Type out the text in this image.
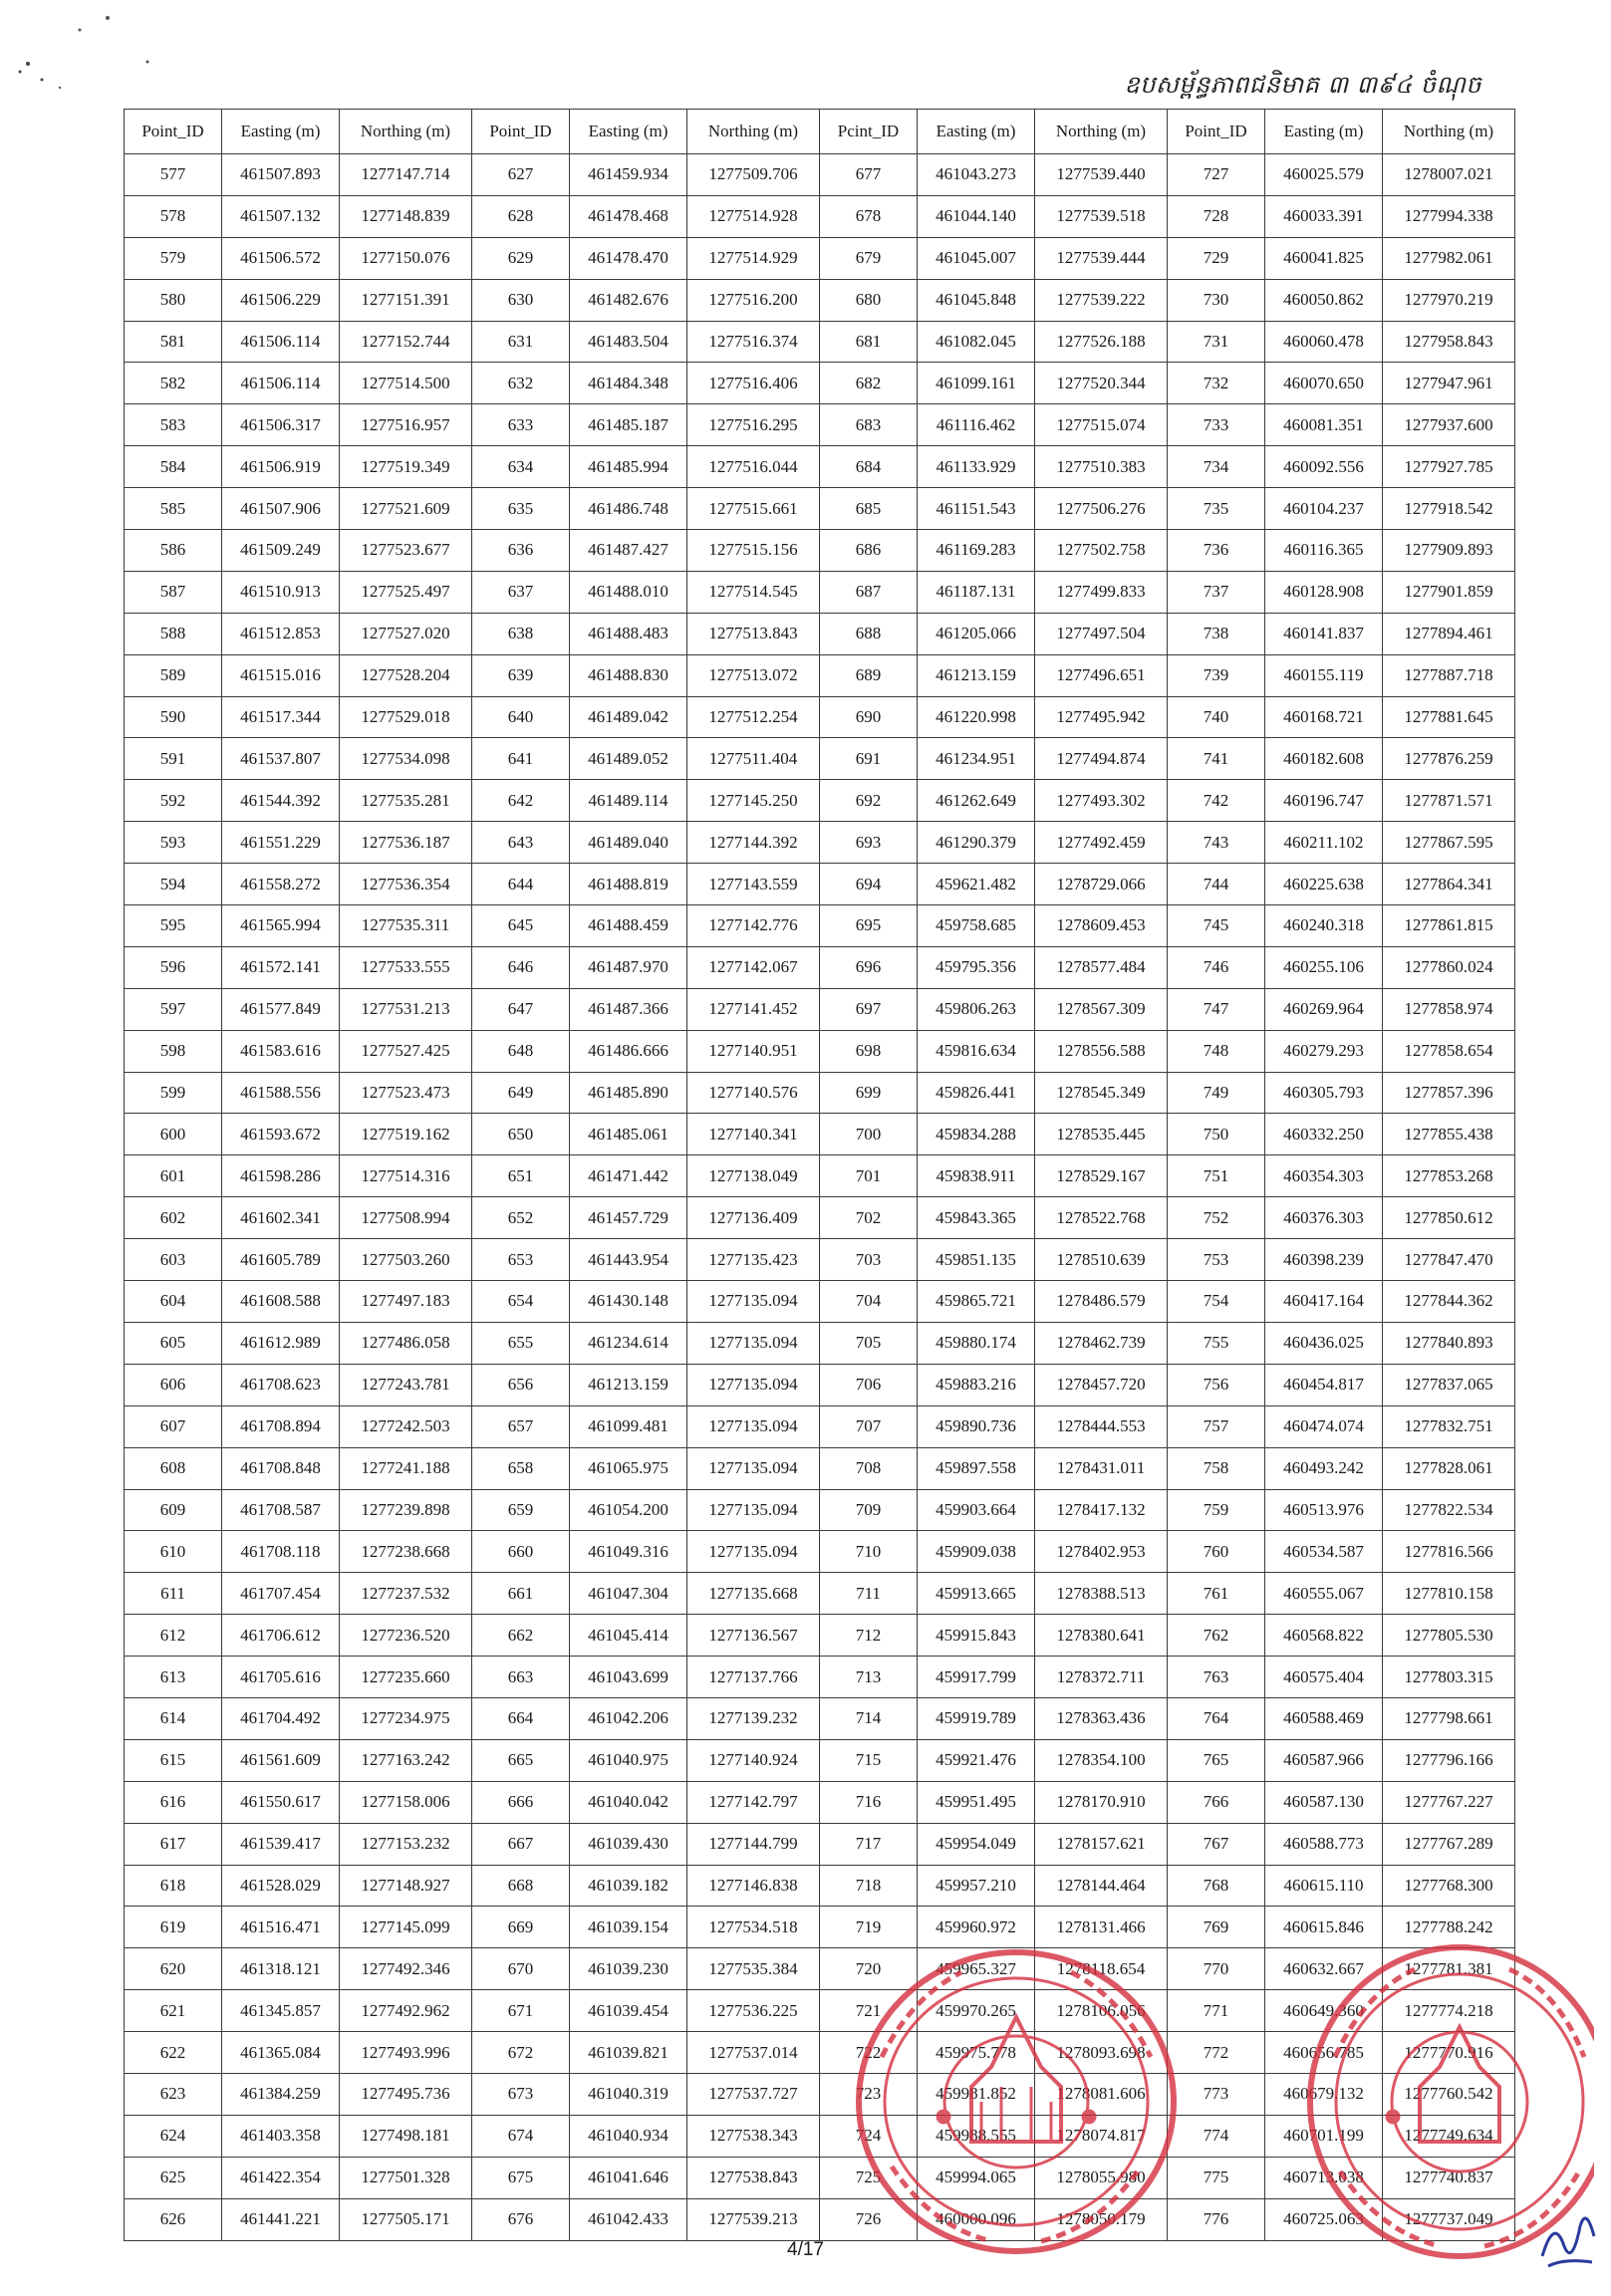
ឧបសម្ព័ន្ធភាពជនិមាគ ៣ ៣៩៤ ចំណុច
Point_ID	Easting (m)	Northing (m)	Point_ID	Easting (m)	Northing (m)	Pcint_ID	Easting (m)	Northing (m)	Point_ID	Easting (m)	Northing (m)
577	461507.893	1277147.714	627	461459.934	1277509.706	677	461043.273	1277539.440	727	460025.579	1278007.021
578	461507.132	1277148.839	628	461478.468	1277514.928	678	461044.140	1277539.518	728	460033.391	1277994.338
579	461506.572	1277150.076	629	461478.470	1277514.929	679	461045.007	1277539.444	729	460041.825	1277982.061
580	461506.229	1277151.391	630	461482.676	1277516.200	680	461045.848	1277539.222	730	460050.862	1277970.219
581	461506.114	1277152.744	631	461483.504	1277516.374	681	461082.045	1277526.188	731	460060.478	1277958.843
582	461506.114	1277514.500	632	461484.348	1277516.406	682	461099.161	1277520.344	732	460070.650	1277947.961
583	461506.317	1277516.957	633	461485.187	1277516.295	683	461116.462	1277515.074	733	460081.351	1277937.600
584	461506.919	1277519.349	634	461485.994	1277516.044	684	461133.929	1277510.383	734	460092.556	1277927.785
585	461507.906	1277521.609	635	461486.748	1277515.661	685	461151.543	1277506.276	735	460104.237	1277918.542
586	461509.249	1277523.677	636	461487.427	1277515.156	686	461169.283	1277502.758	736	460116.365	1277909.893
587	461510.913	1277525.497	637	461488.010	1277514.545	687	461187.131	1277499.833	737	460128.908	1277901.859
588	461512.853	1277527.020	638	461488.483	1277513.843	688	461205.066	1277497.504	738	460141.837	1277894.461
589	461515.016	1277528.204	639	461488.830	1277513.072	689	461213.159	1277496.651	739	460155.119	1277887.718
590	461517.344	1277529.018	640	461489.042	1277512.254	690	461220.998	1277495.942	740	460168.721	1277881.645
591	461537.807	1277534.098	641	461489.052	1277511.404	691	461234.951	1277494.874	741	460182.608	1277876.259
592	461544.392	1277535.281	642	461489.114	1277145.250	692	461262.649	1277493.302	742	460196.747	1277871.571
593	461551.229	1277536.187	643	461489.040	1277144.392	693	461290.379	1277492.459	743	460211.102	1277867.595
594	461558.272	1277536.354	644	461488.819	1277143.559	694	459621.482	1278729.066	744	460225.638	1277864.341
595	461565.994	1277535.311	645	461488.459	1277142.776	695	459758.685	1278609.453	745	460240.318	1277861.815
596	461572.141	1277533.555	646	461487.970	1277142.067	696	459795.356	1278577.484	746	460255.106	1277860.024
597	461577.849	1277531.213	647	461487.366	1277141.452	697	459806.263	1278567.309	747	460269.964	1277858.974
598	461583.616	1277527.425	648	461486.666	1277140.951	698	459816.634	1278556.588	748	460279.293	1277858.654
599	461588.556	1277523.473	649	461485.890	1277140.576	699	459826.441	1278545.349	749	460305.793	1277857.396
600	461593.672	1277519.162	650	461485.061	1277140.341	700	459834.288	1278535.445	750	460332.250	1277855.438
601	461598.286	1277514.316	651	461471.442	1277138.049	701	459838.911	1278529.167	751	460354.303	1277853.268
602	461602.341	1277508.994	652	461457.729	1277136.409	702	459843.365	1278522.768	752	460376.303	1277850.612
603	461605.789	1277503.260	653	461443.954	1277135.423	703	459851.135	1278510.639	753	460398.239	1277847.470
604	461608.588	1277497.183	654	461430.148	1277135.094	704	459865.721	1278486.579	754	460417.164	1277844.362
605	461612.989	1277486.058	655	461234.614	1277135.094	705	459880.174	1278462.739	755	460436.025	1277840.893
606	461708.623	1277243.781	656	461213.159	1277135.094	706	459883.216	1278457.720	756	460454.817	1277837.065
607	461708.894	1277242.503	657	461099.481	1277135.094	707	459890.736	1278444.553	757	460474.074	1277832.751
608	461708.848	1277241.188	658	461065.975	1277135.094	708	459897.558	1278431.011	758	460493.242	1277828.061
609	461708.587	1277239.898	659	461054.200	1277135.094	709	459903.664	1278417.132	759	460513.976	1277822.534
610	461708.118	1277238.668	660	461049.316	1277135.094	710	459909.038	1278402.953	760	460534.587	1277816.566
611	461707.454	1277237.532	661	461047.304	1277135.668	711	459913.665	1278388.513	761	460555.067	1277810.158
612	461706.612	1277236.520	662	461045.414	1277136.567	712	459915.843	1278380.641	762	460568.822	1277805.530
613	461705.616	1277235.660	663	461043.699	1277137.766	713	459917.799	1278372.711	763	460575.404	1277803.315
614	461704.492	1277234.975	664	461042.206	1277139.232	714	459919.789	1278363.436	764	460588.469	1277798.661
615	461561.609	1277163.242	665	461040.975	1277140.924	715	459921.476	1278354.100	765	460587.966	1277796.166
616	461550.617	1277158.006	666	461040.042	1277142.797	716	459951.495	1278170.910	766	460587.130	1277767.227
617	461539.417	1277153.232	667	461039.430	1277144.799	717	459954.049	1278157.621	767	460588.773	1277767.289
618	461528.029	1277148.927	668	461039.182	1277146.838	718	459957.210	1278144.464	768	460615.110	1277768.300
619	461516.471	1277145.099	669	461039.154	1277534.518	719	459960.972	1278131.466	769	460615.846	1277788.242
620	461318.121	1277492.346	670	461039.230	1277535.384	720	459965.327	1278118.654	770	460632.667	1277781.381
621	461345.857	1277492.962	671	461039.454	1277536.225	721	459970.265	1278106.056	771	460649.360	1277774.218
622	461365.084	1277493.996	672	461039.821	1277537.014	722	459975.778	1278093.698	772	460656.785	1277770.916
623	461384.259	1277495.736	673	461040.319	1277537.727	723	459981.852	1278081.606	773	460679.132	1277760.542
624	461403.358	1277498.181	674	461040.934	1277538.343	724	459988.555	1278074.817	774	460701.199	1277749.634
625	461422.354	1277501.328	675	461041.646	1277538.843	725	459994.065	1278055.980	775	460713.038	1277740.837
626	461441.221	1277505.171	676	461042.433	1277539.213	726	460000.096	1278050.179	776	460725.063	1277737.049
4/17
